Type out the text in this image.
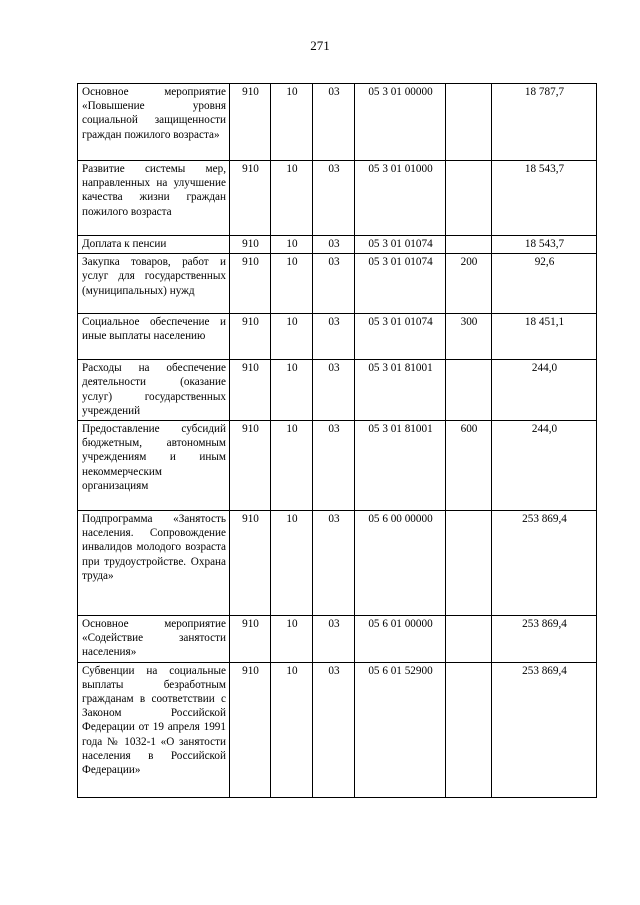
271
Основное мероприятие «Повышение уровня социальной защищенности граждан пожилого возраста»	910	10	03	05 3 01 00000		18 787,7
Развитие системы мер, направленных на улучшение качества жизни граждан пожилого возраста	910	10	03	05 3 01 01000		18 543,7
Доплата к пенсии	910	10	03	05 3 01 01074		18 543,7
Закупка товаров, работ и услуг для государственных (муниципальных) нужд	910	10	03	05 3 01 01074	200	92,6
Социальное обеспечение и иные выплаты населению	910	10	03	05 3 01 01074	300	18 451,1
Расходы на обеспечение деятельности (оказание услуг) государственных учреждений	910	10	03	05 3 01 81001		244,0
Предоставление субсидий бюджетным, автономным учреждениям и иным некоммерческим организациям	910	10	03	05 3 01 81001	600	244,0
Подпрограмма «Занятость населения. Сопровождение инвалидов молодого возраста при трудоустройстве. Охрана труда»	910	10	03	05 6 00 00000		253 869,4
Основное мероприятие «Содействие занятости населения»	910	10	03	05 6 01 00000		253 869,4
Субвенции на социальные выплаты безработным гражданам в соответствии с Законом Российской Федерации от 19 апреля 1991 года № 1032-1 «О занятости населения в Российской Федерации»	910	10	03	05 6 01 52900		253 869,4
